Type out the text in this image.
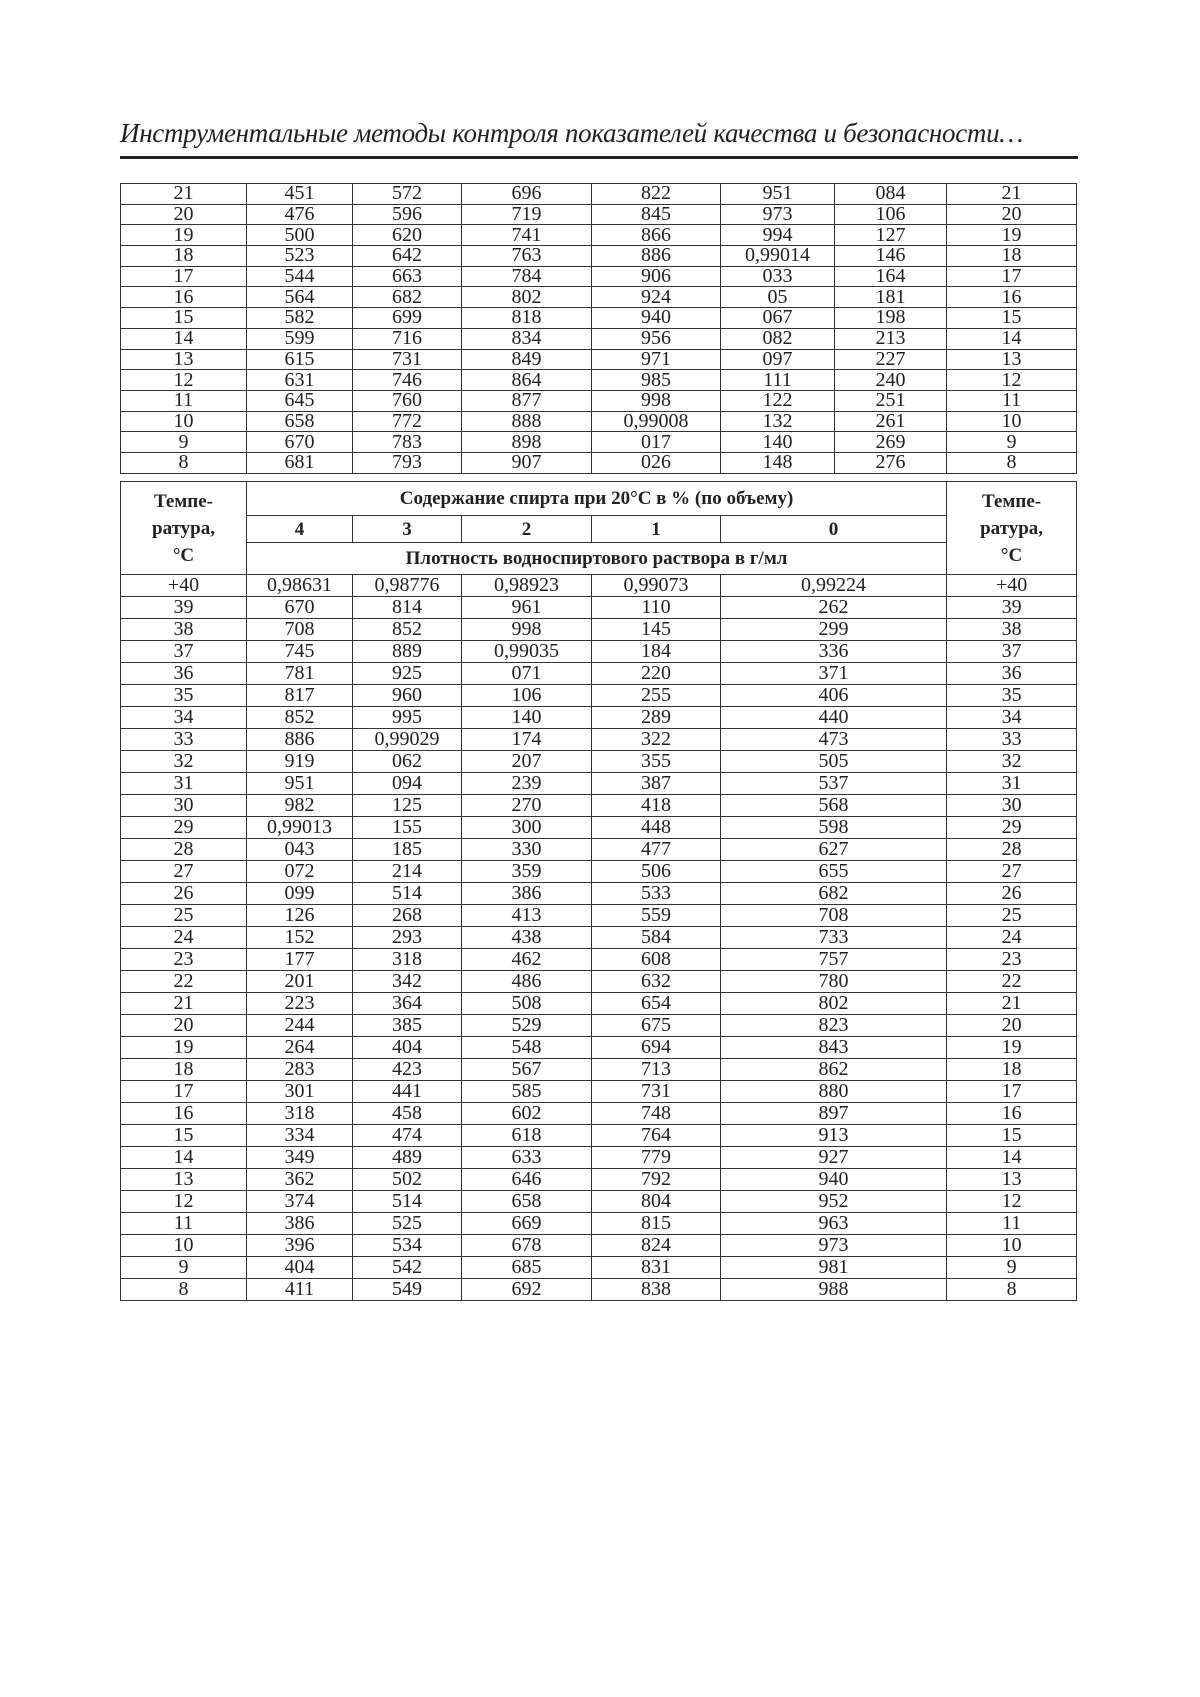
Инструментальные методы контроля показателей качества и безопасности…
21	451	572	696	822	951	084	21
20	476	596	719	845	973	106	20
19	500	620	741	866	994	127	19
18	523	642	763	886	0,99014	146	18
17	544	663	784	906	033	164	17
16	564	682	802	924	05	181	16
15	582	699	818	940	067	198	15
14	599	716	834	956	082	213	14
13	615	731	849	971	097	227	13
12	631	746	864	985	111	240	12
11	645	760	877	998	122	251	11
10	658	772	888	0,99008	132	261	10
9	670	783	898	017	140	269	9
8	681	793	907	026	148	276	8
Темпе-
ратура,
°C
	Содержание спирта при 20°C в % (по объему)	Темпе-
ратура,
°C

4	3	2	1	0
Плотность водноспиртового раствора в г/мл
+40	0,98631	0,98776	0,98923	0,99073	0,99224	+40
39	670	814	961	110	262	39
38	708	852	998	145	299	38
37	745	889	0,99035	184	336	37
36	781	925	071	220	371	36
35	817	960	106	255	406	35
34	852	995	140	289	440	34
33	886	0,99029	174	322	473	33
32	919	062	207	355	505	32
31	951	094	239	387	537	31
30	982	125	270	418	568	30
29	0,99013	155	300	448	598	29
28	043	185	330	477	627	28
27	072	214	359	506	655	27
26	099	514	386	533	682	26
25	126	268	413	559	708	25
24	152	293	438	584	733	24
23	177	318	462	608	757	23
22	201	342	486	632	780	22
21	223	364	508	654	802	21
20	244	385	529	675	823	20
19	264	404	548	694	843	19
18	283	423	567	713	862	18
17	301	441	585	731	880	17
16	318	458	602	748	897	16
15	334	474	618	764	913	15
14	349	489	633	779	927	14
13	362	502	646	792	940	13
12	374	514	658	804	952	12
11	386	525	669	815	963	11
10	396	534	678	824	973	10
9	404	542	685	831	981	9
8	411	549	692	838	988	8
